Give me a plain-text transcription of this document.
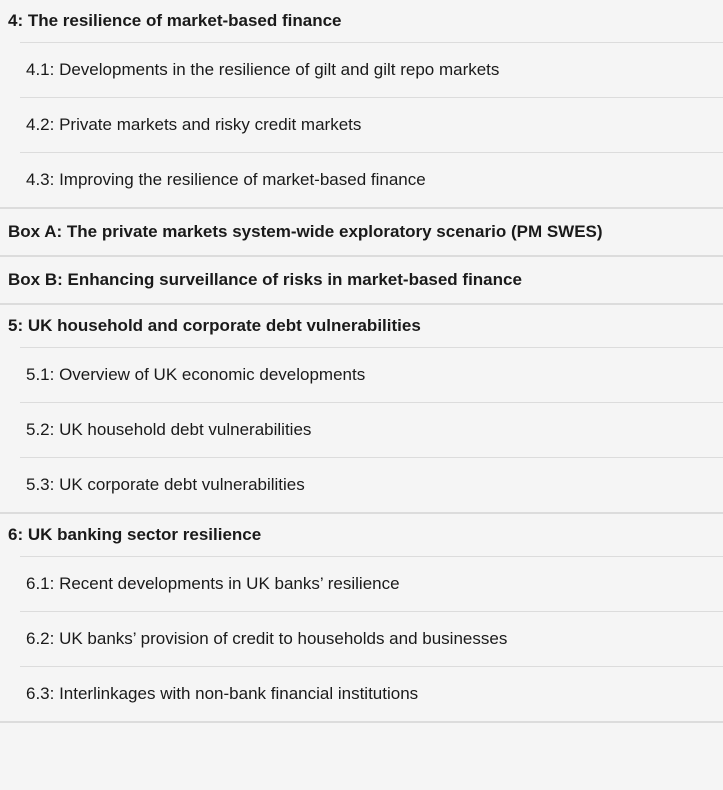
4: The resilience of market-based finance
4.1: Developments in the resilience of gilt and gilt repo markets
4.2: Private markets and risky credit markets
4.3: Improving the resilience of market-based finance
Box A: The private markets system-wide exploratory scenario (PM SWES)
Box B: Enhancing surveillance of risks in market-based finance
5: UK household and corporate debt vulnerabilities
5.1: Overview of UK economic developments
5.2: UK household debt vulnerabilities
5.3: UK corporate debt vulnerabilities
6: UK banking sector resilience
6.1: Recent developments in UK banks’ resilience
6.2: UK banks’ provision of credit to households and businesses
6.3: Interlinkages with non-bank financial institutions
